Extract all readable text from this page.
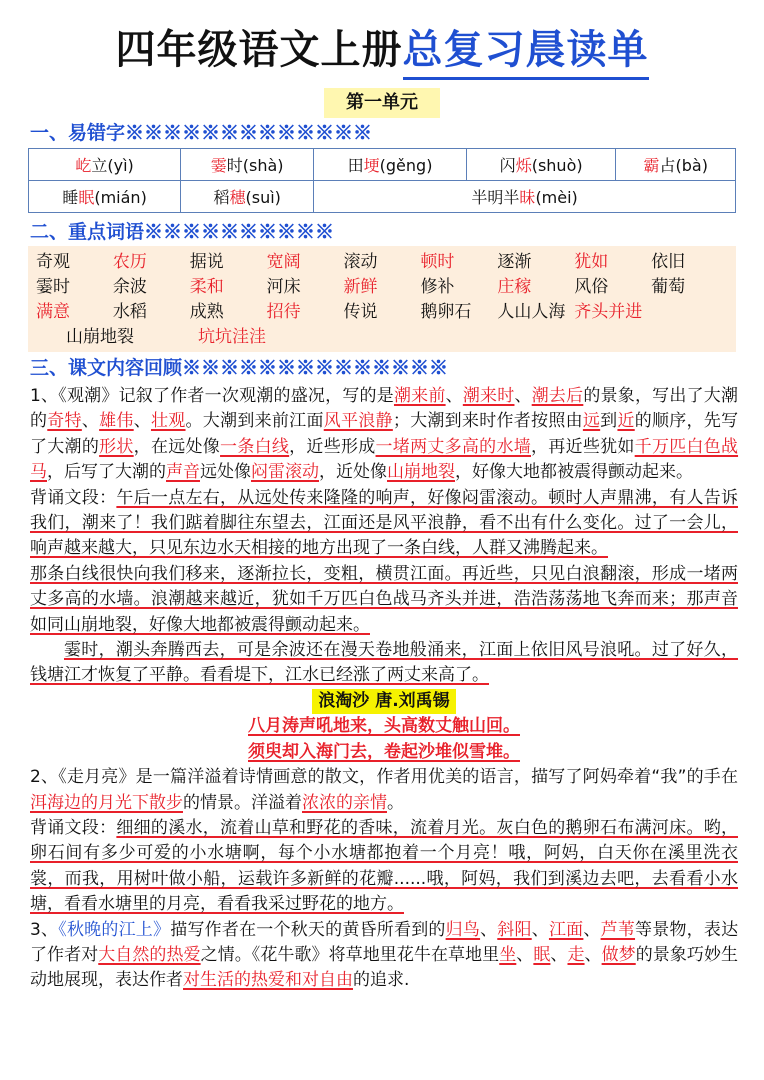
四年级语文上册总复习晨读单
第一单元
一、易错字※※※※※※※※※※※※※
屹立(yì)	霎时(shà)	田埂(gěng)	闪烁(shuò)	霸占(bà)
睡眠(mián)	稻穗(suì)	半明半昧(mèi)		
二、重点词语※※※※※※※※※※
奇观	农历	据说	宽阔	滚动	顿时	逐渐	犹如	依旧
霎时	余波	柔和	河床	新鲜	修补	庄稼	风俗	葡萄
满意	水稻	成熟	招待	传说	鹅卵石	人山人海 齐头并进
山崩地裂	坑坑洼洼
三、课文内容回顾※※※※※※※※※※※※※※

1、《观潮》记叙了作者一次观潮的盛况，写的是潮来前、潮来时、潮去后的景象，写出了大潮的奇特、雄伟、壮观。大潮到来前江面风平浪静；大潮到来时作者按照由远到近的顺序，先写了大潮的形状，在远处像一条白线，近些形成一堵两丈多高的水墙，再近些犹如千万匹白色战马，后写了大潮的声音远处像闷雷滚动，近处像山崩地裂，好像大地都被震得颤动起来。

背诵文段：午后一点左右，从远处传来隆隆的响声，好像闷雷滚动。顿时人声鼎沸，有人告诉我们，潮来了！我们踮着脚往东望去，江面还是风平浪静，看不出有什么变化。过了一会儿，响声越来越大，只见东边水天相接的地方出现了一条白线，人群又沸腾起来。

那条白线很快向我们移来，逐渐拉长，变粗，横贯江面。再近些，只见白浪翻滚，形成一堵两丈多高的水墙。浪潮越来越近，犹如千万匹白色战马齐头并进，浩浩荡荡地飞奔而来；那声音如同山崩地裂，好像大地都被震得颤动起来。

霎时，潮头奔腾西去，可是余波还在漫天卷地般涌来，江面上依旧风号浪吼。过了好久，钱塘江才恢复了平静。看看堤下，江水已经涨了两丈来高了。

浪淘沙 唐.刘禹锡
八月涛声吼地来，头高数丈触山回。
须臾却入海门去，卷起沙堆似雪堆。

2、《走月亮》是一篇洋溢着诗情画意的散文，作者用优美的语言，描写了阿妈牵着“我”的手在洱海边的月光下散步的情景。洋溢着浓浓的亲情。

背诵文段：细细的溪水，流着山草和野花的香味，流着月光。灰白色的鹅卵石布满河床。哟，卵石间有多少可爱的小水塘啊，每个小水塘都抱着一个月亮！哦，阿妈，白天你在溪里洗衣裳，而我，用树叶做小船，运载许多新鲜的花瓣......哦，阿妈，我们到溪边去吧，去看看小水塘，看看水塘里的月亮，看看我采过野花的地方。

3、《秋晚的江上》描写作者在一个秋天的黄昏所看到的归鸟、斜阳、江面、芦苇等景物，表达了作者对大自然的热爱之情。《花牛歌》将草地里花牛在草地里坐、眠、走、做梦的景象巧妙生动地展现，表达作者对生活的热爱和对自由的追求.
